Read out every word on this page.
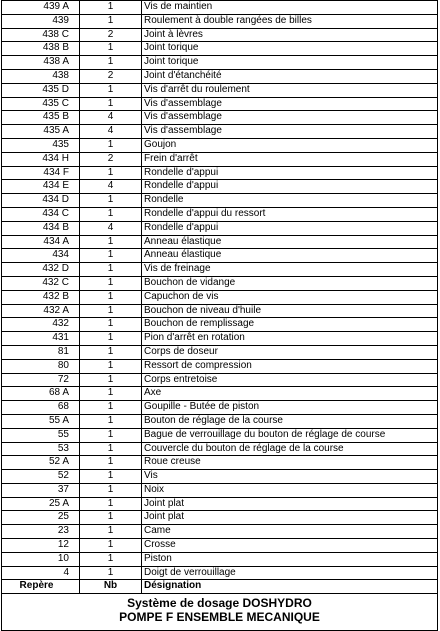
439 A	1	Vis de maintien
439	1	Roulement à double rangées de billes
438 C	2	Joint à lèvres
438 B	1	Joint torique
438 A	1	Joint torique
438	2	Joint d'étanchéité
435 D	1	Vis d'arrêt du roulement
435 C	1	Vis d'assemblage
435 B	4	Vis d'assemblage
435 A	4	Vis d'assemblage
435	1	Goujon
434 H	2	Frein d'arrêt
434 F	1	Rondelle d'appui
434 E	4	Rondelle d'appui
434 D	1	Rondelle
434 C	1	Rondelle d'appui du ressort
434 B	4	Rondelle d'appui
434 A	1	Anneau élastique
434	1	Anneau élastique
432 D	1	Vis de freinage
432 C	1	Bouchon de vidange
432 B	1	Capuchon de vis
432 A	1	Bouchon de niveau d'huile
432	1	Bouchon de remplissage
431	1	Pion d'arrêt en rotation
81	1	Corps de doseur
80	1	Ressort de compression
72	1	Corps entretoise
68 A	1	Axe
68	1	Goupille - Butée de piston
55 A	1	Bouton de réglage de la course
55	1	Bague de verrouillage du bouton de réglage de course
53	1	Couvercle du bouton de réglage de la course
52 A	1	Roue creuse
52	1	Vis
37	1	Noix
25 A	1	Joint plat
25	1	Joint plat
23	1	Came
12	1	Crosse
10	1	Piston
4	1	Doigt de verrouillage
Repère	Nb	Désignation
Système de dosage DOSHYDRO
POMPE F ENSEMBLE MECANIQUE
